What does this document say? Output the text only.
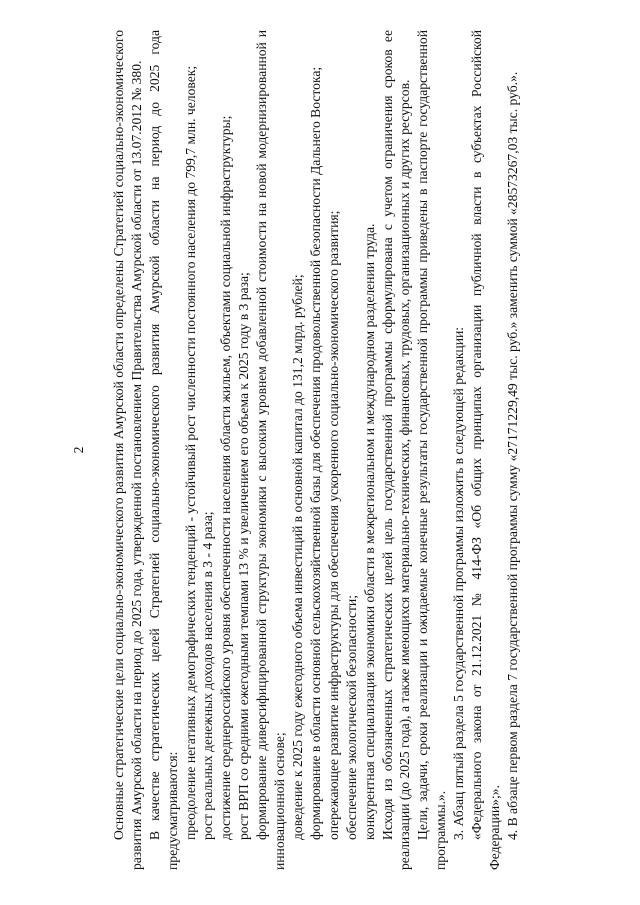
2 Основные стратегические цели социально-экономического развития Амурской области определены Стратегией социально-экономического развития Амурской области на период до 2025 года, утвержденной постановлением Правительства Амурской области от 13.07.2012 № 380. В качестве стратегических целей Стратегией социально-экономического развития Амурской области на период до 2025 года предусматриваются: преодоление негативных демографических тенденций - устойчивый рост численности постоянного населения до 799,7 млн. человек; рост реальных денежных доходов населения в 3 - 4 раза; достижение среднероссийского уровня обеспеченности населения области жильем, объектами социальной инфраструктуры; рост ВРП со средними ежегодными темпами 13 % и увеличением его объема к 2025 году в 3 раза; формирование диверсифицированной структуры экономики с высоким уровнем добавленной стоимости на новой модернизированной и инновационной основе; доведение к 2025 году ежегодного объема инвестиций в основной капитал до 131,2 млрд. рублей; формирование в области основной сельскохозяйственной базы для обеспечения продовольственной безопасности Дальнего Востока; опережающее развитие инфраструктуры для обеспечения ускоренного социально-экономического развития; обеспечение экологической безопасности; конкурентная специализация экономики области в межрегиональном и международном разделении труда. Исходя из обозначенных стратегических целей цель государственной программы сформулирована с учетом ограничения сроков ее реализации (до 2025 года), а также имеющихся материально-технических, финансовых, трудовых, организационных и других ресурсов. Цели, задачи, сроки реализации и ожидаемые конечные результаты государственной программы приведены в паспорте государственной программы.». 3. Абзац пятый раздела 5 государственной программы изложить в следующей редакции: «Федерального закона от 21.12.2021 № 414-ФЗ «Об общих принципах организации публичной власти в субъектах Российской Федерации»;». 4. В абзаце первом раздела 7 государственной программы сумму «27171229,49 тыс. руб.» заменить суммой «28573267,03 тыс. руб.».
